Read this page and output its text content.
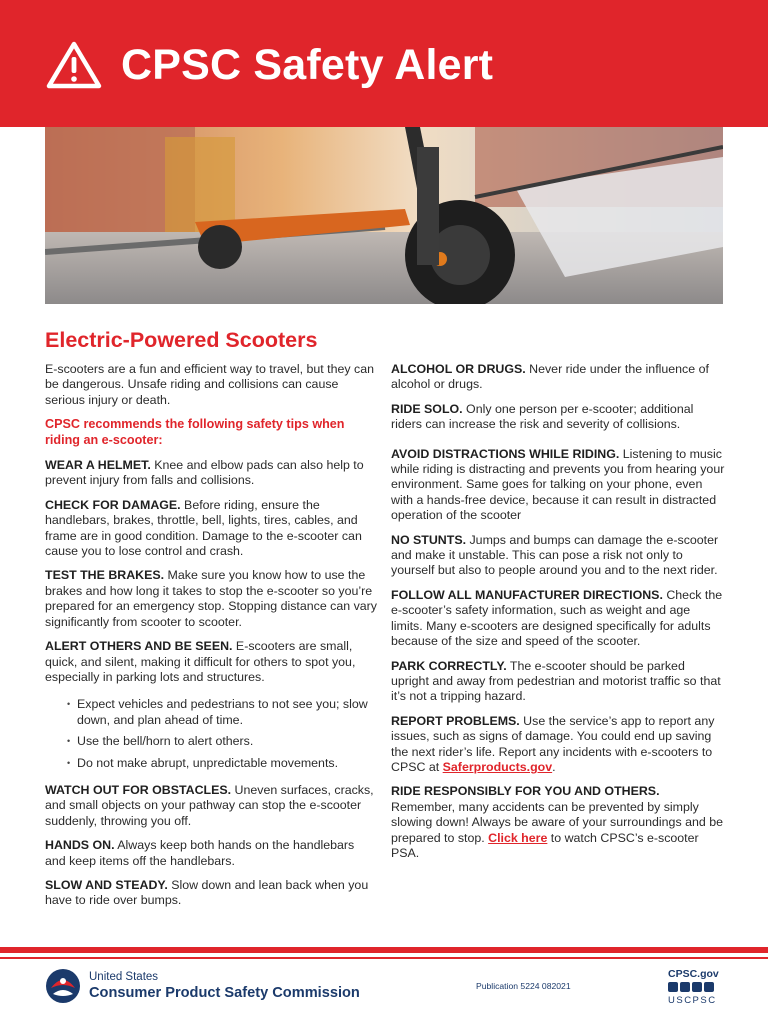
CPSC Safety Alert
Electric-Powered Scooters

E-scooters are a fun and efficient way to travel, but they can be dangerous. Unsafe riding and collisions can cause serious injury or death.

CPSC recommends the following safety tips when riding an e-scooter:

WEAR A HELMET. Knee and elbow pads can also help to prevent injury from falls and collisions.

CHECK FOR DAMAGE. Before riding, ensure the handlebars, brakes, throttle, bell, lights, tires, cables, and frame are in good condition. Damage to the e-scooter can cause you to lose control and crash.

TEST THE BRAKES. Make sure you know how to use the brakes and how long it takes to stop the e-scooter so you’re prepared for an emergency stop. Stopping distance can vary significantly from scooter to scooter.

ALERT OTHERS AND BE SEEN. E-scooters are small, quick, and silent, making it difficult for others to spot you, especially in parking lots and structures.

• Expect vehicles and pedestrians to not see you; slow down, and plan ahead of time.
• Use the bell/horn to alert others.
• Do not make abrupt, unpredictable movements.

WATCH OUT FOR OBSTACLES. Uneven surfaces, cracks, and small objects on your pathway can stop the e-scooter suddenly, throwing you off.

HANDS ON. Always keep both hands on the handlebars and keep items off the handlebars.

SLOW AND STEADY. Slow down and lean back when you have to ride over bumps.

ALCOHOL OR DRUGS. Never ride under the influence of alcohol or drugs.

RIDE SOLO. Only one person per e-scooter; additional riders can increase the risk and severity of collisions.

AVOID DISTRACTIONS WHILE RIDING. Listening to music while riding is distracting and prevents you from hearing your environment. Same goes for talking on your phone, even with a hands-free device, because it can result in distracted operation of the scooter

NO STUNTS. Jumps and bumps can damage the e-scooter and make it unstable. This can pose a risk not only to yourself but also to people around you and to the next rider.

FOLLOW ALL MANUFACTURER DIRECTIONS. Check the e-scooter’s safety information, such as weight and age limits. Many e-scooters are designed specifically for adults because of the size and speed of the scooter.

PARK CORRECTLY. The e-scooter should be parked upright and away from pedestrian and motorist traffic so that it’s not a tripping hazard.

REPORT PROBLEMS. Use the service’s app to report any issues, such as signs of damage. You could end up saving the next rider’s life. Report any incidents with e-scooters to CPSC at Saferproducts.gov.

RIDE RESPONSIBLY FOR YOU AND OTHERS. Remember, many accidents can be prevented by simply slowing down! Always be aware of your surroundings and be prepared to stop. Click here to watch CPSC’s e-scooter PSA.

United States
Consumer Product Safety Commission	Publication 5224 082021
CPSC.gov
USCPSC
